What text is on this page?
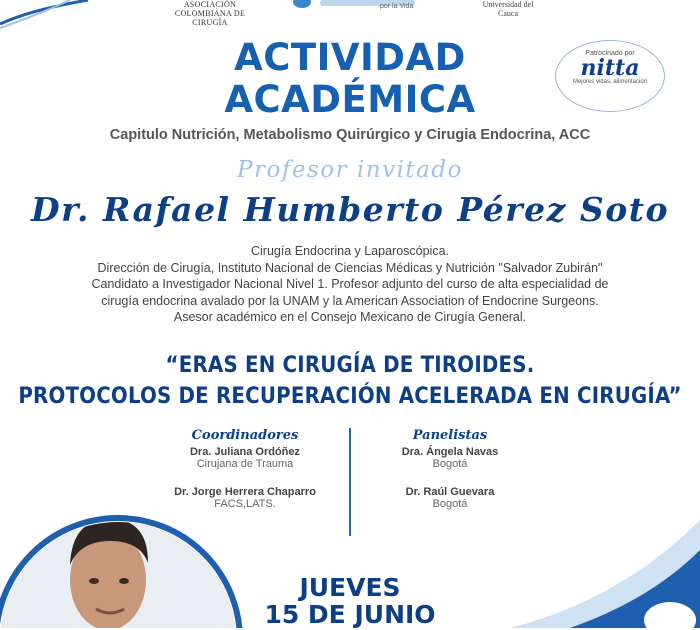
ASOCIACIÓN COLOMBIANA DE CIRUGÍA
por la Vida	Universidad del Cauca
Patrocinado por
nitta
Mejores vidas, alimentación
ACTIVIDAD
ACADÉMICA
Capitulo Nutrición, Metabolismo Quirúrgico y Cirugia Endocrina, ACC
Profesor invitado
Dr. Rafael Humberto Pérez Soto
Cirugía Endocrina y Laparoscópica.
Dirección de Cirugía, Instituto Nacional de Ciencias Médicas y Nutrición "Salvador Zubirán"
Candidato a Investigador Nacional Nivel 1. Profesor adjunto del curso de alta especialidad de
cirugía endocrina avalado por la UNAM y la American Association of Endocrine Surgeons.
Asesor académico en el Consejo Mexicano de Cirugía General.
“ERAS EN CIRUGÍA DE TIROIDES.
PROTOCOLOS DE RECUPERACIÓN ACELERADA EN CIRUGÍA”
Coordinadores
Dra. Juliana Ordóñez
Cirujana de Trauma
Dr. Jorge Herrera Chaparro
FACS,LATS.
Panelistas
Dra. Ángela Navas
Bogotá
Dr. Raúl Guevara
Bogotá
JUEVES
15 DE JUNIO
